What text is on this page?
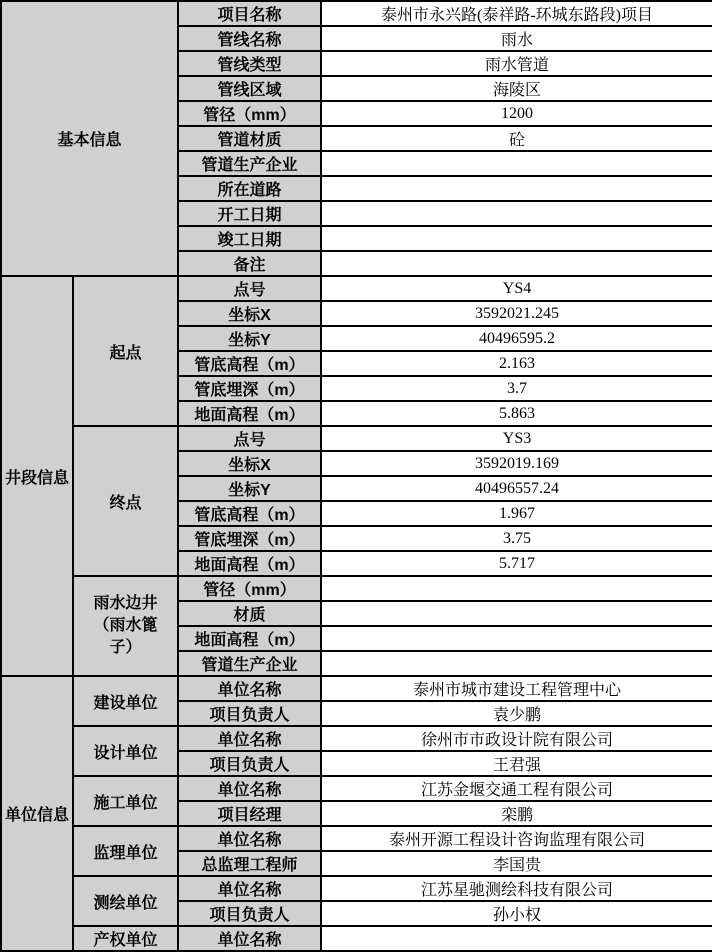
基本信息		项目名称	泰州市永兴路(泰祥路-环城东路段)项目
		管线名称	雨水
		管线类型	雨水管道
		管线区域	海陵区
		管径（mm）	1200
		管道材质	砼
		管道生产企业	
		所在道路	
		开工日期	
		竣工日期	
		备注	
井段信息	起点	点号	YS4
		坐标X	3592021.245
		坐标Y	40496595.2
		管底高程（m）	2.163
		管底埋深（m）	3.7
		地面高程（m）	5.863
	终点	点号	YS3
		坐标X	3592019.169
		坐标Y	40496557.24
		管底高程（m）	1.967
		管底埋深（m）	3.75
		地面高程（m）	5.717
	雨水边井（雨水篦子）	管径（mm）	
		材质	
		地面高程（m）	
		管道生产企业	
单位信息	建设单位	单位名称	泰州市城市建设工程管理中心
		项目负责人	袁少鹏
	设计单位	单位名称	徐州市市政设计院有限公司
		项目负责人	王君强
	施工单位	单位名称	江苏金堰交通工程有限公司
		项目经理	栾鹏
	监理单位	单位名称	泰州开源工程设计咨询监理有限公司
		总监理工程师	李国贵
	测绘单位	单位名称	江苏星驰测绘科技有限公司
		项目负责人	孙小权
	产权单位	单位名称	
